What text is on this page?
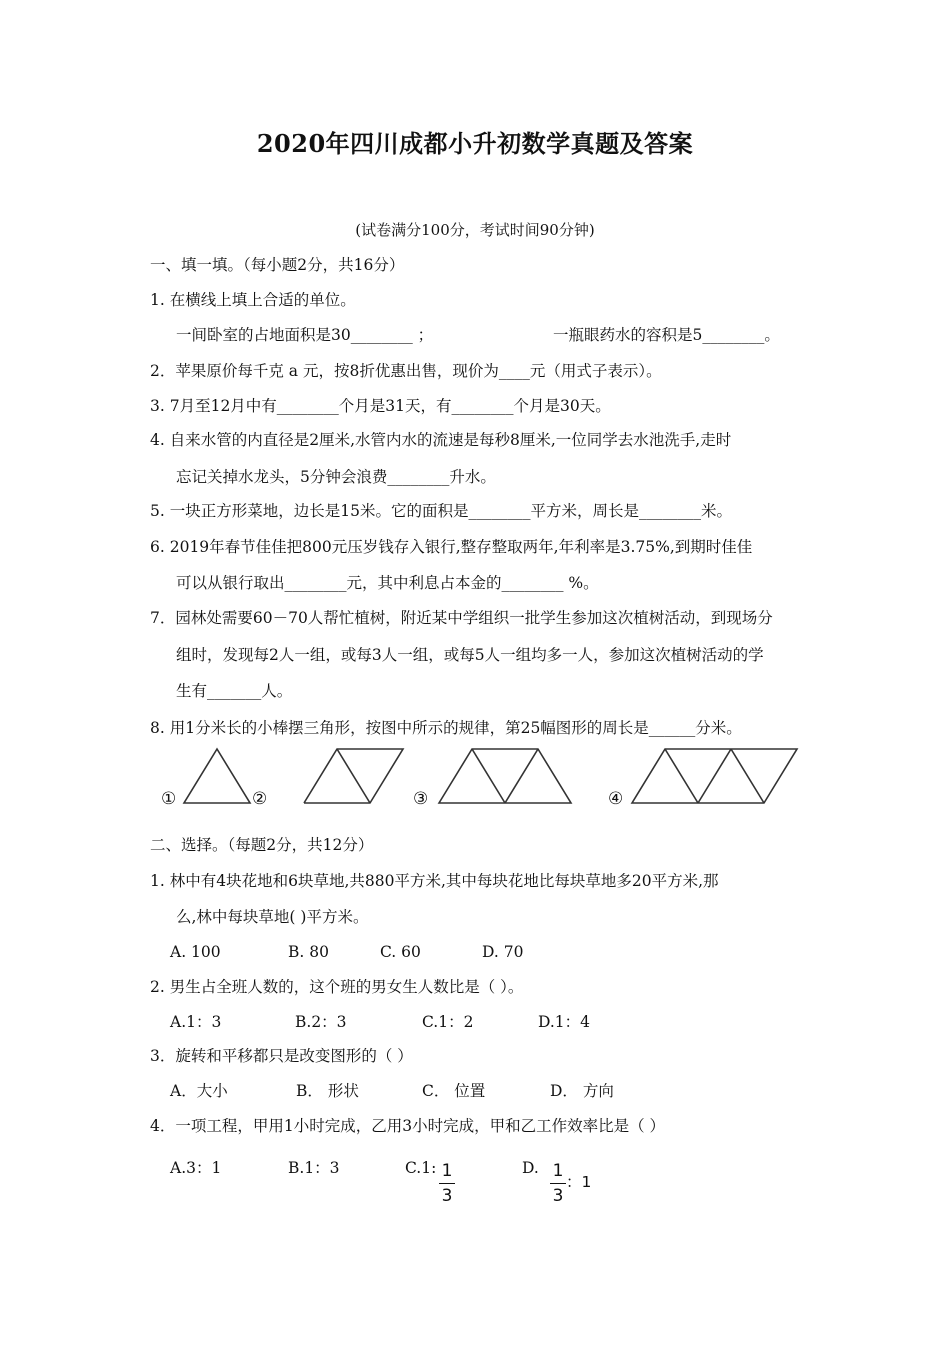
2020年四川成都小升初数学真题及答案
(试卷满分100分，考试时间90分钟)
一、填一填。（每小题2分，共16分）
1. 在横线上填上合适的单位。
一间卧室的占地面积是30________ ；	一瓶眼药水的容积是5________。
2．苹果原价每千克 a 元，按8折优惠出售，现价为____元（用式子表示）。
3. 7月至12月中有________个月是31天，有________个月是30天。
4. 自来水管的内直径是2厘米,水管内水的流速是每秒8厘米,一位同学去水池洗手,走时
忘记关掉水龙头，5分钟会浪费________升水。
5. 一块正方形菜地，边长是15米。它的面积是________平方米，周长是________米。
6. 2019年春节佳佳把800元压岁钱存入银行,整存整取两年,年利率是3.75%,到期时佳佳
可以从银行取出________元，其中利息占本金的________ %。
7．园林处需要60－70人帮忙植树，附近某中学组织一批学生参加这次植树活动，到现场分
组时，发现每2人一组，或每3人一组，或每5人一组均多一人，参加这次植树活动的学
生有_______人。
8. 用1分米长的小棒摆三角形，按图中所示的规律，第25幅图形的周长是______分米。
①	②	③	④
二、选择。（每题2分，共12分）
1. 林中有4块花地和6块草地,共880平方米,其中每块花地比每块草地多20平方米,那
么,林中每块草地( )平方米。
A. 100	B. 80	C. 60	D. 70
2. 男生占全班人数的，这个班的男女生人数比是（ ）。
A.1：3	B.2：3	C.1：2	D.1：4
3．旋转和平移都只是改变图形的（ ）
A．大小	B． 形状	C． 位置	D． 方向
4．一项工程，甲用1小时完成，乙用3小时完成，甲和乙工作效率比是（ ）
A.3：1	B.1：3	C.1: 1
3
D. 1
3
：1
